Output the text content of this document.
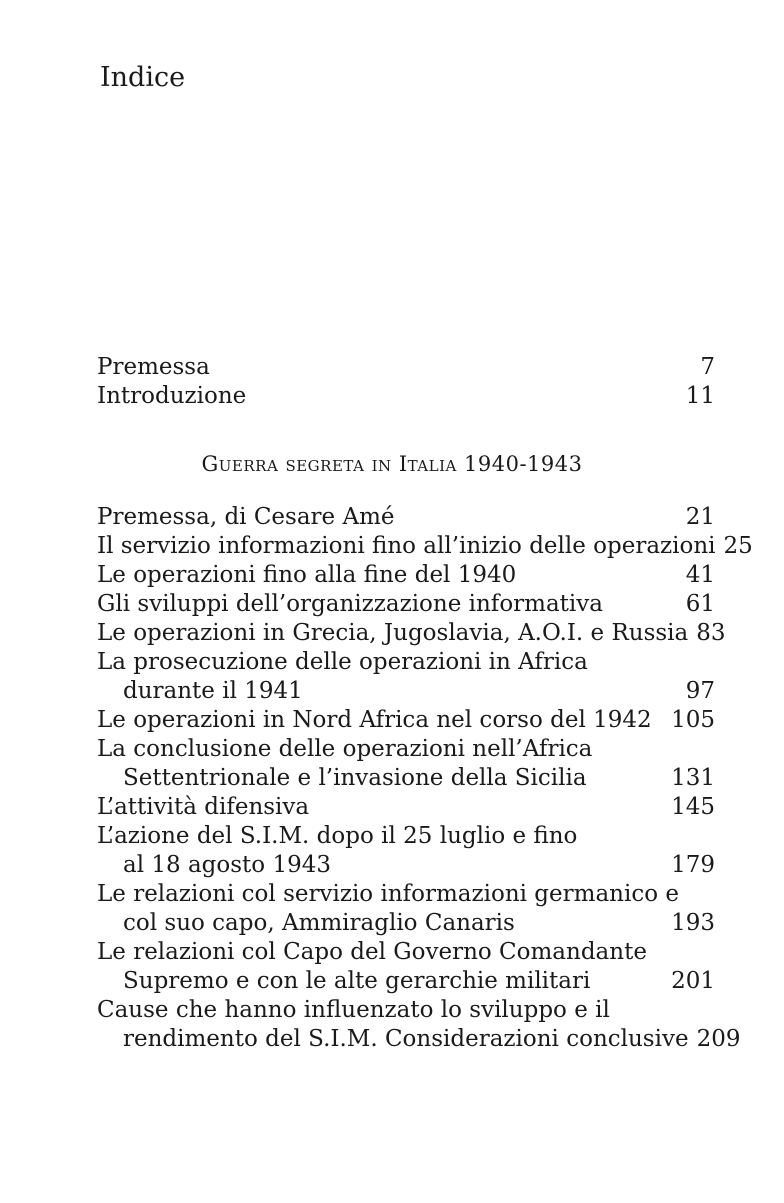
Indice
Premessa	7
Introduzione	11
Guerra segreta in Italia 1940-1943
Premessa, di Cesare Amé	21
Il servizio informazioni fino all’inizio delle operazioni 25
Le operazioni fino alla fine del 1940	41
Gli sviluppi dell’organizzazione informativa	61
Le operazioni in Grecia, Jugoslavia, A.O.I. e Russia 83
La prosecuzione delle operazioni in Africa
durante il 1941	97
Le operazioni in Nord Africa nel corso del 1942 105
La conclusione delle operazioni nell’Africa
Settentrionale e l’invasione della Sicilia	131
L’attività difensiva	145
L’azione del S.I.M. dopo il 25 luglio e fino
al 18 agosto 1943	179
Le relazioni col servizio informazioni germanico e
col suo capo, Ammiraglio Canaris	193
Le relazioni col Capo del Governo Comandante
Supremo e con le alte gerarchie militari	201
Cause che hanno influenzato lo sviluppo e il
rendimento del S.I.M. Considerazioni conclusive 209
